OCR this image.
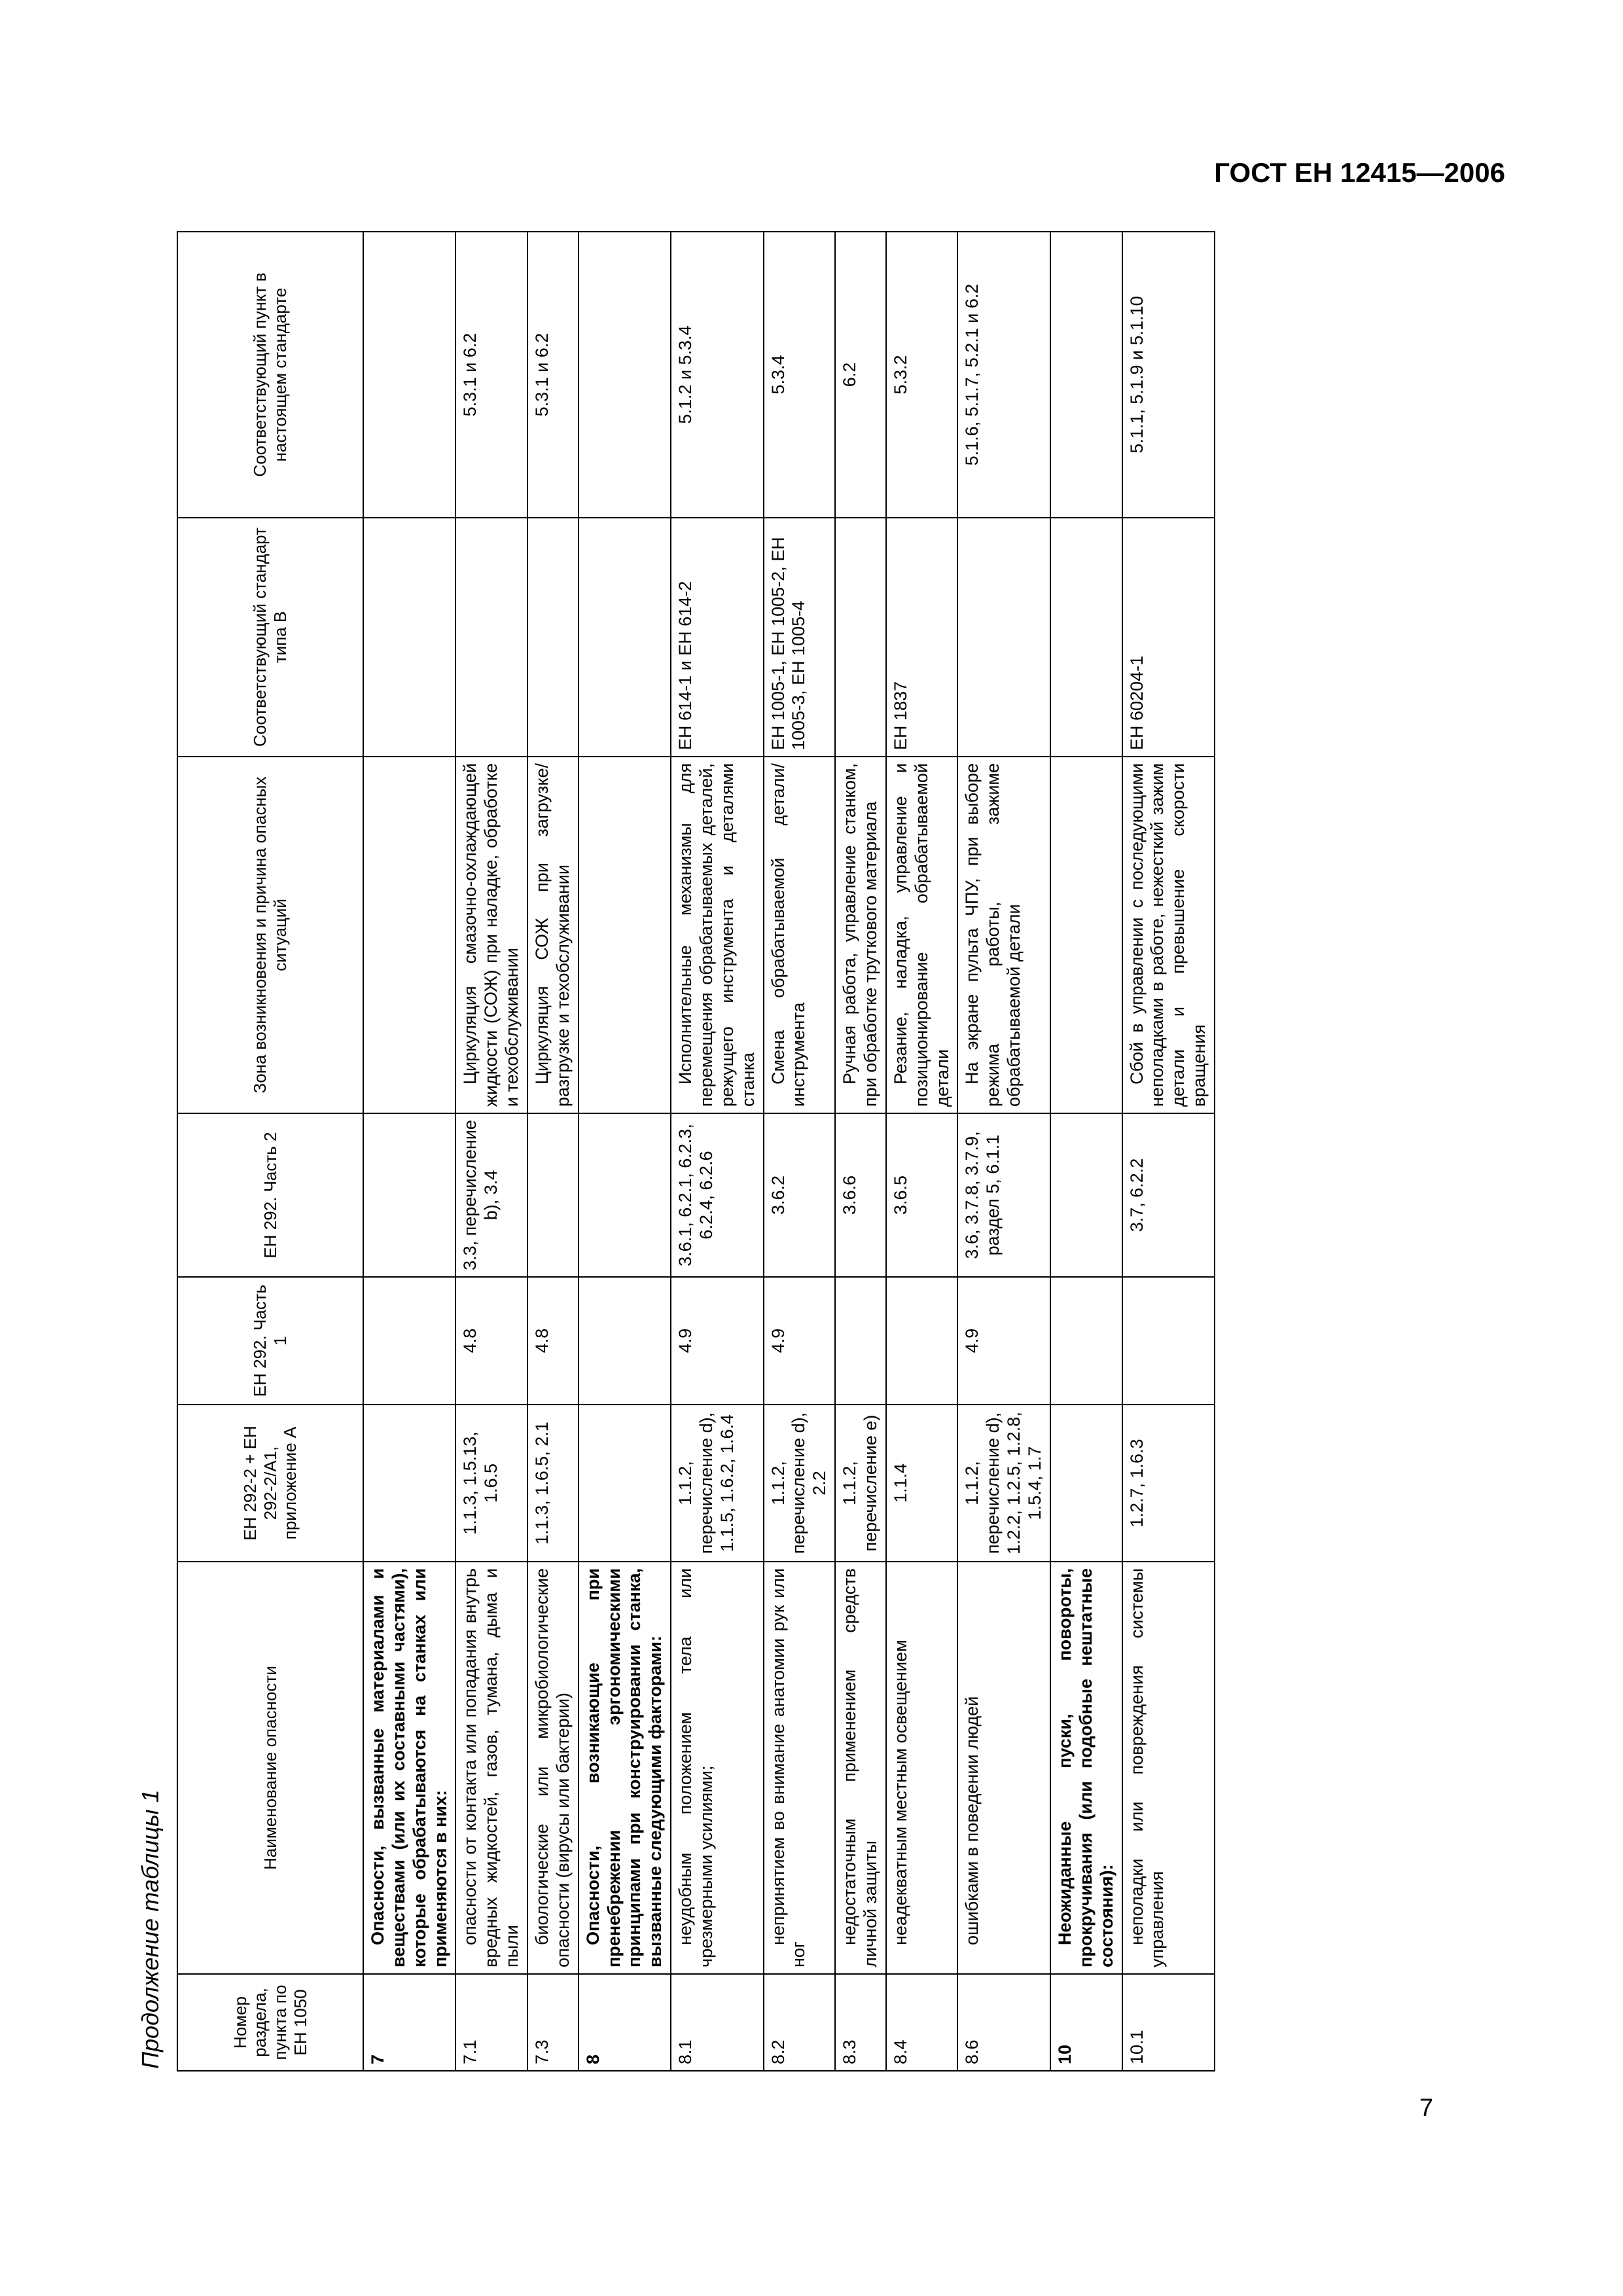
ГОСТ ЕН 12415—2006
Продолжение таблицы 1	Номер раздела, пункта по ЕН 1050	Наименование опасности	ЕН 292-2 + ЕН 292-2/А1, приложение А	ЕН 292. Часть 1	ЕН 292. Часть 2	Зона возникновения и причина опасных ситуаций	Соответствующий стандарт типа В	Соответствующий пункт в настоящем стандарте
7	Опасности, вызванные материалами и веществами (или их составными частями), которые обрабатываются на станках или применяются в них:						

7.1	опасности от контакта или попадания внутрь вредных жидкостей, газов, тумана, дыма и пыли	1.1.3, 1.5.13, 1.6.5	4.8	3.3, перечисление b), 3.4	Циркуляция смазочно-охлаждающей жидкости (СОЖ) при наладке, обработке и техобслуживании		5.3.1 и 6.2
7.3	биологические или микробиологические опасности (вирусы или бактерии)	1.1.3, 1.6.5, 2.1	4.8		Циркуляция СОЖ при загрузке/разгрузке и техобслуживании		5.3.1 и 6.2
8	Опасности, возникающие при пренебрежении эргономическими принципами при конструировании станка, вызванные следующими факторами:						

8.1	неудобным положением тела или чрезмерными усилиями;	1.1.2, перечисление d), 1.1.5, 1.6.2, 1.6.4	4.9	3.6.1, 6.2.1, 6.2.3, 6.2.4, 6.2.6	Исполнительные механизмы для перемещения обрабатываемых деталей, режущего инструмента и деталями станка	ЕН 614-1 и ЕН 614-2	5.1.2 и 5.3.4
8.2	непринятием во внимание анатомии рук или ног	1.1.2, перечисление d), 2.2	4.9	3.6.2	Смена обрабатываемой детали/инструмента	ЕН 1005-1, ЕН 1005-2, ЕН 1005-3, ЕН 1005-4	5.3.4
8.3	недостаточным применением средств личной защиты	1.1.2, перечисление е)		3.6.6	Ручная работа, управление станком, при обработке труткового материала		6.2
8.4	неадекватным местным освещением	1.1.4		3.6.5	Резание, наладка, управление и позиционирование обрабатываемой детали	ЕН 1837	5.3.2
8.6	ошибками в поведении людей	1.1.2, перечисление d), 1.2.2, 1.2.5, 1.2.8, 1.5.4, 1.7	4.9	3.6, 3.7.8, 3.7.9, раздел 5, 6.1.1	На экране пульта ЧПУ, при выборе режима работы, зажиме обрабатываемой детали		5.1.6, 5.1.7, 5.2.1 и 6.2
10	Неожиданные пуски, повороты, прокручивания (или подобные нештатные состояния):						

10.1	неполадки или повреждения системы управления	1.2.7, 1.6.3		3.7, 6.2.2	Сбой в управлении с последующими неполадками в работе, нежесткий зажим детали и превышение скорости вращения	ЕН 60204-1	5.1.1, 5.1.9 и 5.1.10
7
